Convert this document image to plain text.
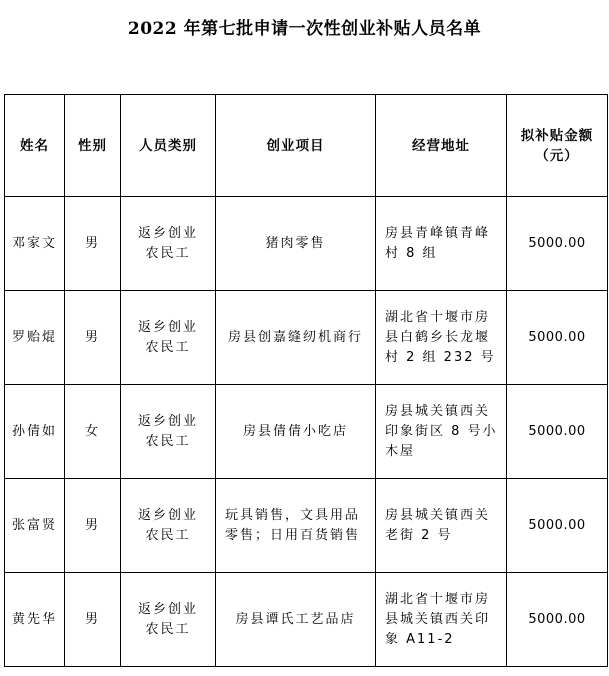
2022 年第七批申请一次性创业补贴人员名单
姓名	性别	人员类别	创业项目	经营地址	拟补贴金额（元）
邓家文	男	返乡创业农民工	猪肉零售	房县青峰镇青峰村 8 组	5000.00
罗贻焜	男	返乡创业农民工	房县创嘉缝纫机商行	湖北省十堰市房县白鹤乡长龙堰村 2 组 232 号	5000.00
孙倩如	女	返乡创业农民工	房县倩倩小吃店	房县城关镇西关印象街区 8 号小木屋	5000.00
张富贤	男	返乡创业农民工	玩具销售，文具用品零售；日用百货销售	房县城关镇西关老街 2 号	5000.00
黄先华	男	返乡创业农民工	房县谭氏工艺品店	湖北省十堰市房县城关镇西关印象 A11-2	5000.00
